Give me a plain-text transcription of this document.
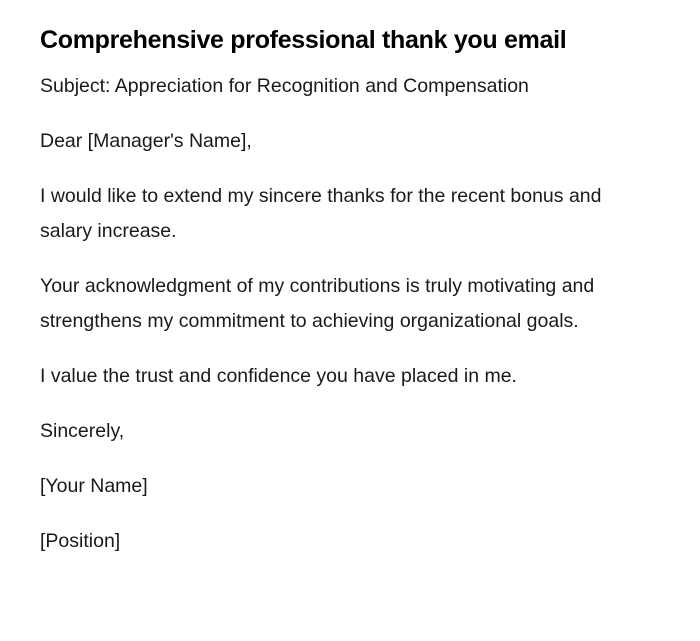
Comprehensive professional thank you email

Subject: Appreciation for Recognition and Compensation

Dear [Manager's Name],

I would like to extend my sincere thanks for the recent bonus and salary increase.

Your acknowledgment of my contributions is truly motivating and strengthens my commitment to achieving organizational goals.

I value the trust and confidence you have placed in me.

Sincerely,

[Your Name]

[Position]
